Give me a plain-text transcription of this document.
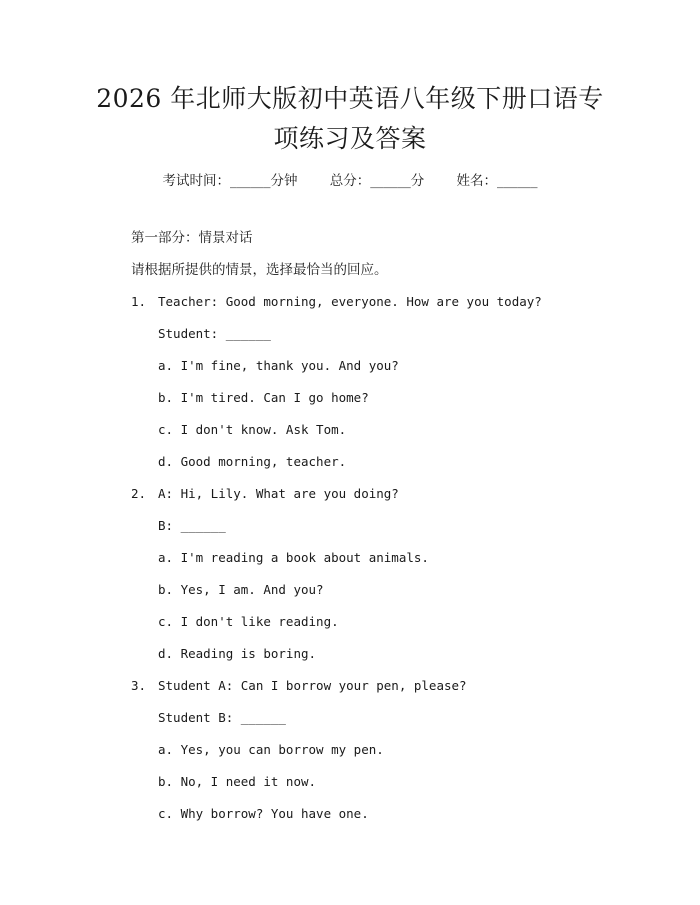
2026 年北师大版初中英语八年级下册口语专
项练习及答案
考试时间：______分钟 总分：______分 姓名：______
第一部分：情景对话
请根据所提供的情景，选择最恰当的回应。
1. Teacher: Good morning, everyone. How are you today?
Student: ______
a. I'm fine, thank you. And you?
b. I'm tired. Can I go home?
c. I don't know. Ask Tom.
d. Good morning, teacher.
2. A: Hi, Lily. What are you doing?
B: ______
a. I'm reading a book about animals.
b. Yes, I am. And you?
c. I don't like reading.
d. Reading is boring.
3. Student A: Can I borrow your pen, please?
Student B: ______
a. Yes, you can borrow my pen.
b. No, I need it now.
c. Why borrow? You have one.
